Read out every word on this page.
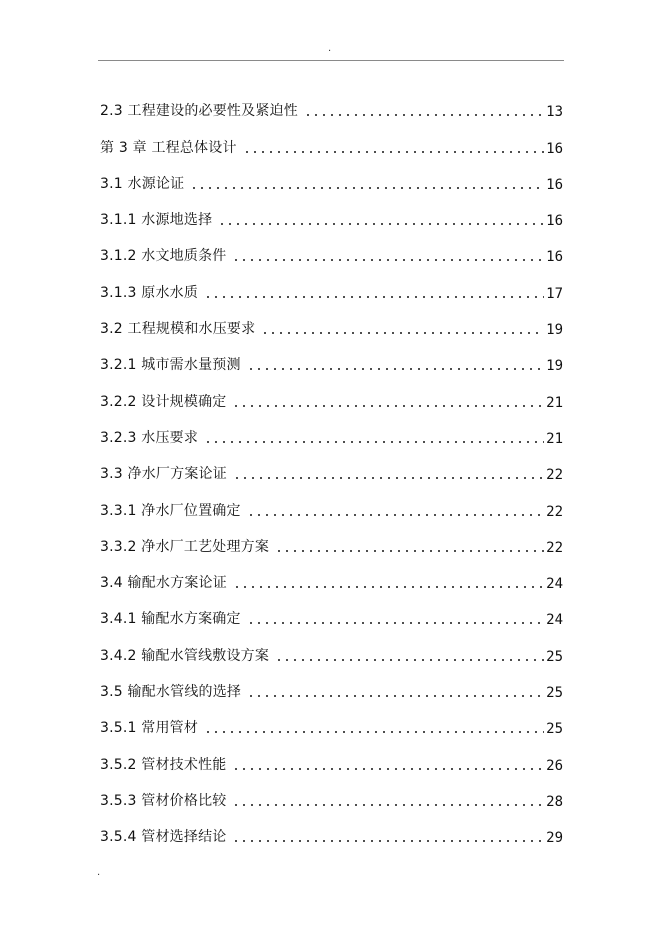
.
2.3 工程建设的必要性及紧迫性	13
第 3 章 工程总体设计	16
3.1 水源论证	16
3.1.1 水源地选择	16
3.1.2 水文地质条件	16
3.1.3 原水水质	17
3.2 工程规模和水压要求	19
3.2.1 城市需水量预测	19
3.2.2 设计规模确定	21
3.2.3 水压要求	21
3.3 净水厂方案论证	22
3.3.1 净水厂位置确定	22
3.3.2 净水厂工艺处理方案	22
3.4 输配水方案论证	24
3.4.1 输配水方案确定	24
3.4.2 输配水管线敷设方案	25
3.5 输配水管线的选择	25
3.5.1 常用管材	25
3.5.2 管材技术性能	26
3.5.3 管材价格比较	28
3.5.4 管材选择结论	29
.
